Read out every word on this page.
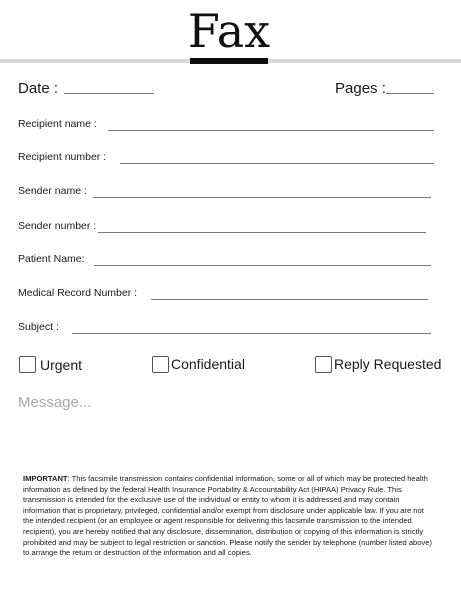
Fax
Date :	Pages :
Recipient name :
Recipient number :
Sender name :
Sender number :
Patient Name:
Medical Record Number :
Subject :
Urgent	Confidential	Reply Requested
Message...
IMPORTANT: This facsimile transmission contains confidential information, some or all of which may be protected health information as defined by the federal Health Insurance Portability & Accountability Act (HIPAA) Privacy Rule. This transmission is intended for the exclusive use of the individual or entity to whom it is addressed and may contain information that is proprietary, privileged, confidential and/or exempt from disclosure under applicable law. If you are not the intended recipient (or an employee or agent responsible for delivering this facsimile transmission to the intended recipient), you are hereby notified that any disclosure, dissemination, distribution or copying of this information is strictly prohibited and may be subject to legal restriction or sanction. Please notify the sender by telephone (number listed above) to arrange the return or destruction of the information and all copies.
